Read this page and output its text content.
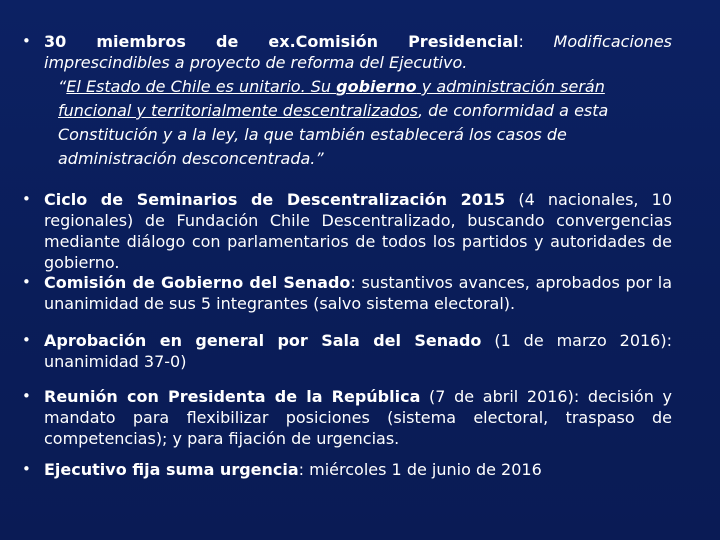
• 30 miembros de ex.Comisión Presidencial: Modificaciones imprescindibles a proyecto de reforma del Ejecutivo.
“El Estado de Chile es unitario. Su gobierno y administración serán
funcional y territorialmente descentralizados, de conformidad a esta Constitución y a la ley, la que también establecerá los casos de administración desconcentrada.”
• Ciclo de Seminarios de Descentralización 2015 (4 nacionales, 10 regionales) de Fundación Chile Descentralizado, buscando convergencias mediante diálogo con parlamentarios de todos los partidos y autoridades de gobierno.
• Comisión de Gobierno del Senado: sustantivos avances, aprobados por la unanimidad de sus 5 integrantes (salvo sistema electoral).
• Aprobación en general por Sala del Senado (1 de marzo 2016): unanimidad 37-0)
• Reunión con Presidenta de la República (7 de abril 2016): decisión y mandato para flexibilizar posiciones (sistema electoral, traspaso de competencias); y para fijación de urgencias.
• Ejecutivo fija suma urgencia: miércoles 1 de junio de 2016
